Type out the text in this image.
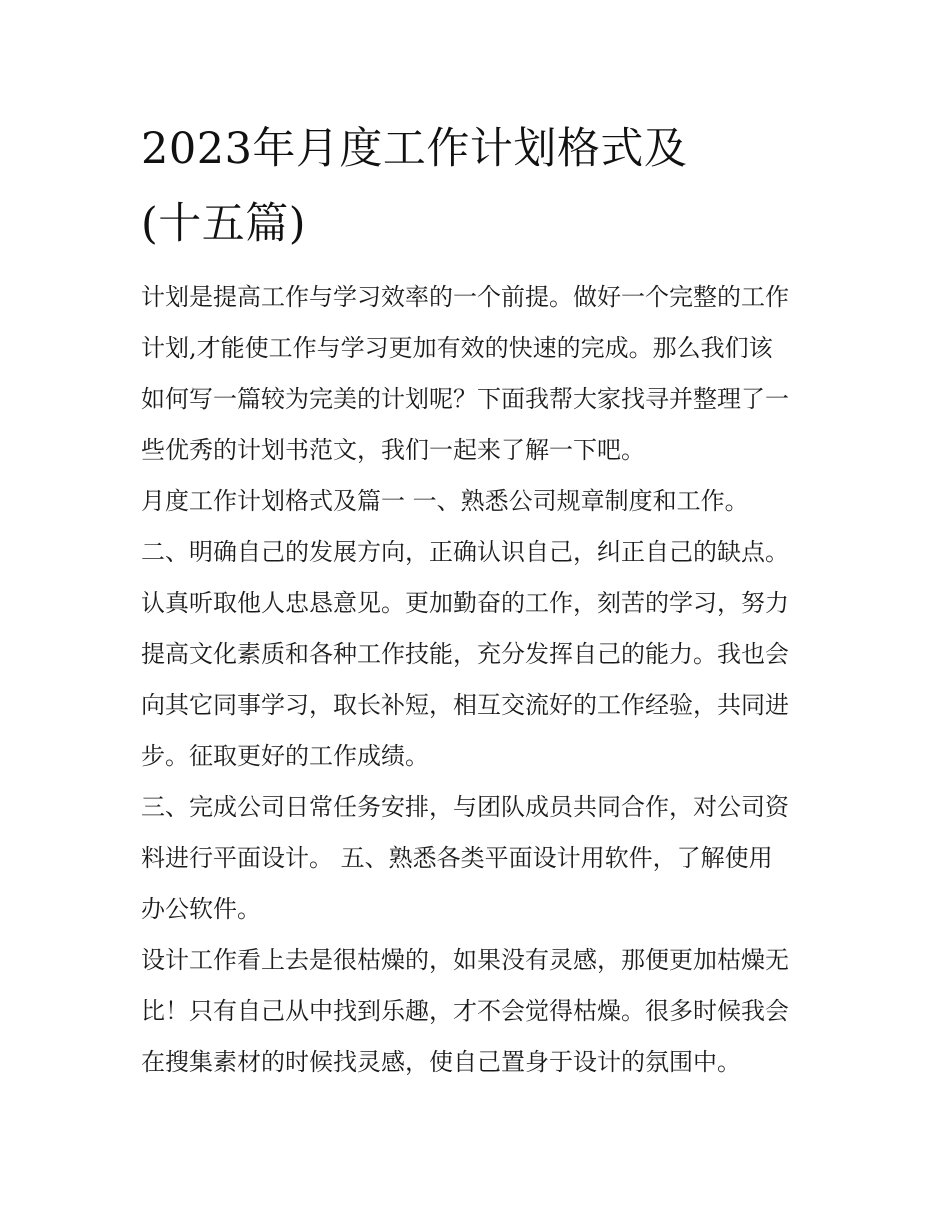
2023年月度工作计划格式及
(十五篇)

计划是提高工作与学习效率的一个前提。做好一个完整的工作
计划,才能使工作与学习更加有效的快速的完成。那么我们该
如何写一篇较为完美的计划呢？下面我帮大家找寻并整理了一
些优秀的计划书范文，我们一起来了解一下吧。

月度工作计划格式及篇一 一、熟悉公司规章制度和工作。

二、明确自己的发展方向，正确认识自己，纠正自己的缺点。
认真听取他人忠恳意见。更加勤奋的工作，刻苦的学习，努力
提高文化素质和各种工作技能，充分发挥自己的能力。我也会
向其它同事学习，取长补短，相互交流好的工作经验，共同进
步。征取更好的工作成绩。

三、完成公司日常任务安排，与团队成员共同合作，对公司资
料进行平面设计。 五、熟悉各类平面设计用软件，了解使用
办公软件。

设计工作看上去是很枯燥的，如果没有灵感，那便更加枯燥无
比！只有自己从中找到乐趣，才不会觉得枯燥。很多时候我会
在搜集素材的时候找灵感，使自己置身于设计的氛围中。
